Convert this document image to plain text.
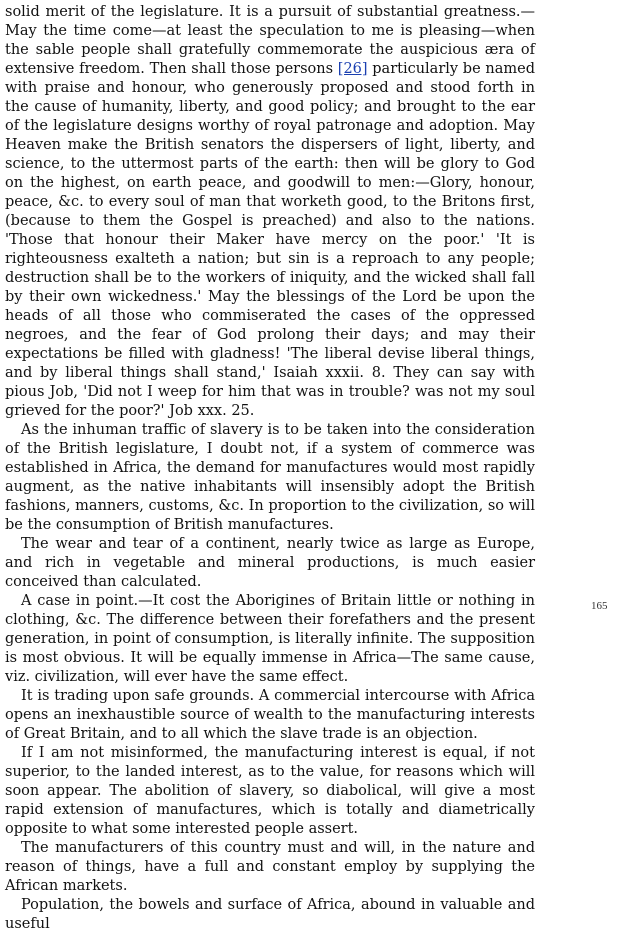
solid merit of the legislature. It is a pursuit of substantial greatness.—May the time come—at least the speculation to me is pleasing—when the sable people shall gratefully commemorate the auspicious æra of extensive freedom. Then shall those persons [26] particularly be named with praise and honour, who generously proposed and stood forth in the cause of humanity, liberty, and good policy; and brought to the ear of the legislature designs worthy of royal patronage and adoption. May Heaven make the British senators the dispersers of light, liberty, and science, to the uttermost parts of the earth: then will be glory to God on the highest, on earth peace, and goodwill to men:—Glory, honour, peace, &c. to every soul of man that worketh good, to the Britons first, (because to them the Gospel is preached) and also to the nations. 'Those that honour their Maker have mercy on the poor.' 'It is righteousness exalteth a nation; but sin is a reproach to any people; destruction shall be to the workers of iniquity, and the wicked shall fall by their own wickedness.' May the blessings of the Lord be upon the heads of all those who commiserated the cases of the oppressed negroes, and the fear of God prolong their days; and may their expectations be filled with gladness! 'The liberal devise liberal things, and by liberal things shall stand,' Isaiah xxxii. 8. They can say with pious Job, 'Did not I weep for him that was in trouble? was not my soul grieved for the poor?' Job xxx. 25.

As the inhuman traffic of slavery is to be taken into the consideration of the British legislature, I doubt not, if a system of commerce was established in Africa, the demand for manufactures would most rapidly augment, as the native inhabitants will insensibly adopt the British fashions, manners, customs, &c. In proportion to the civilization, so will be the consumption of British manufactures.

The wear and tear of a continent, nearly twice as large as Europe, and rich in vegetable and mineral productions, is much easier conceived than calculated.

A case in point.—It cost the Aborigines of Britain little or nothing in clothing, &c. The difference between their forefathers and the present generation, in point of consumption, is literally infinite. The supposition is most obvious. It will be equally immense in Africa—The same cause, viz. civilization, will ever have the same effect.

It is trading upon safe grounds. A commercial intercourse with Africa opens an inexhaustible source of wealth to the manufacturing interests of Great Britain, and to all which the slave trade is an objection.

If I am not misinformed, the manufacturing interest is equal, if not superior, to the landed interest, as to the value, for reasons which will soon appear. The abolition of slavery, so diabolical, will give a most rapid extension of manufactures, which is totally and diametrically opposite to what some interested people assert.

The manufacturers of this country must and will, in the nature and reason of things, have a full and constant employ by supplying the African markets.

Population, the bowels and surface of Africa, abound in valuable and useful

165
